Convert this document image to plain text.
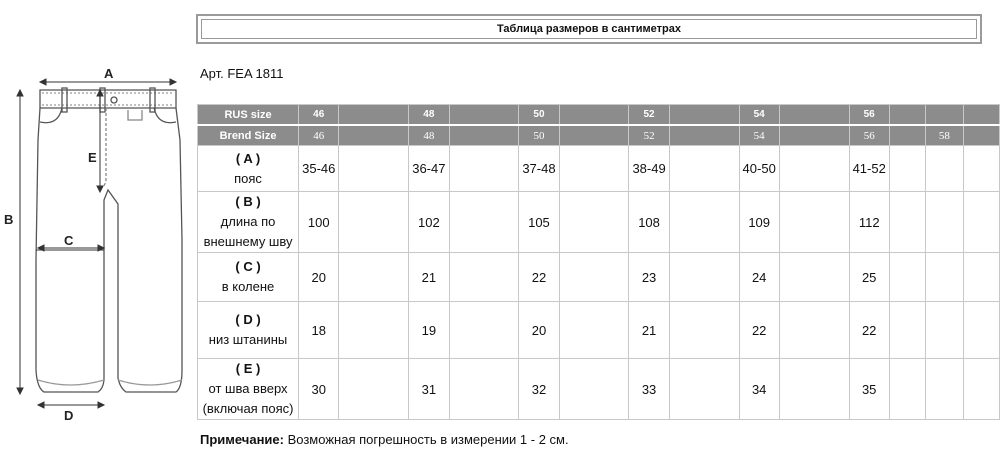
Таблица размеров в сантиметрах
Арт. FEA 1811
A
B
C
D
E
RUS size	46		48		50		52		54		56			
Brend Size	46		48		50		52		54		56		58	

( A )
пояс	35-46		36-47		37-48		38-49		40-50		41-52			

( B )
длина по внешнему шву	100		102		105		108		109		112			

( C )
в колене	20		21		22		23		24		25			

( D )
низ штанины	18		19		20		21		22		22			

( E )
от шва вверх (включая пояс)	30		31		32		33		34		35			
Примечание: Возможная погрешность в измерении 1 - 2 см.
